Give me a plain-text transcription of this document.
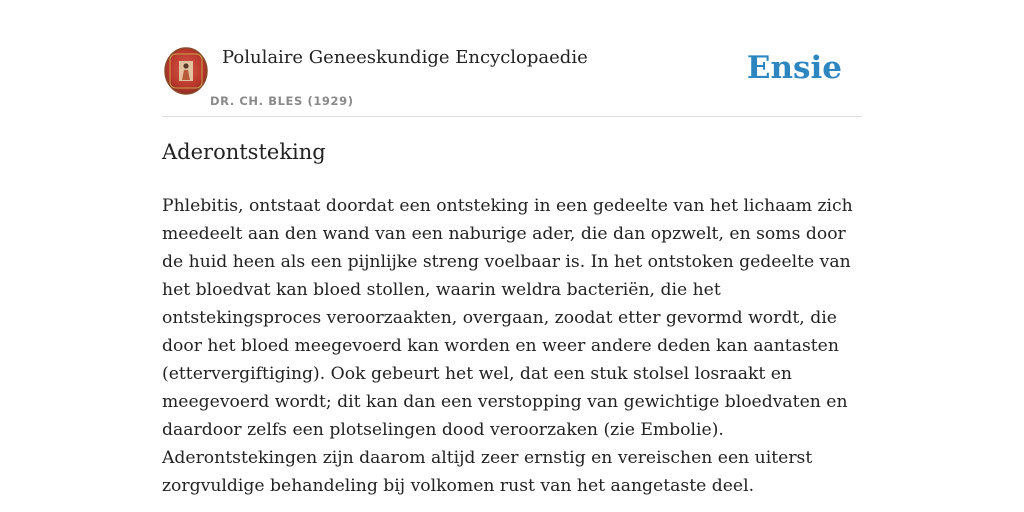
Polulaire Geneeskundige Encyclopaedie
DR. CH. BLES (1929)
Ensie
Aderontsteking

Phlebitis, ontstaat doordat een ontsteking in een gedeelte van het lichaam zich meedeelt aan den wand van een naburige ader, die dan opzwelt, en soms door de huid heen als een pijnlijke streng voelbaar is. In het ontstoken gedeelte van het bloedvat kan bloed stollen, waarin weldra bacteriën, die het ontstekingsproces veroorzaakten, overgaan, zoodat etter gevormd wordt, die door het bloed meegevoerd kan worden en weer andere deden kan aantasten (ettervergiftiging). Ook gebeurt het wel, dat een stuk stolsel losraakt en meegevoerd wordt; dit kan dan een verstopping van gewichtige bloedvaten en daardoor zelfs een plotselingen dood veroorzaken (zie Embolie). Aderontstekingen zijn daarom altijd zeer ernstig en vereischen een uiterst zorgvuldige behandeling bij volkomen rust van het aangetaste deel.
